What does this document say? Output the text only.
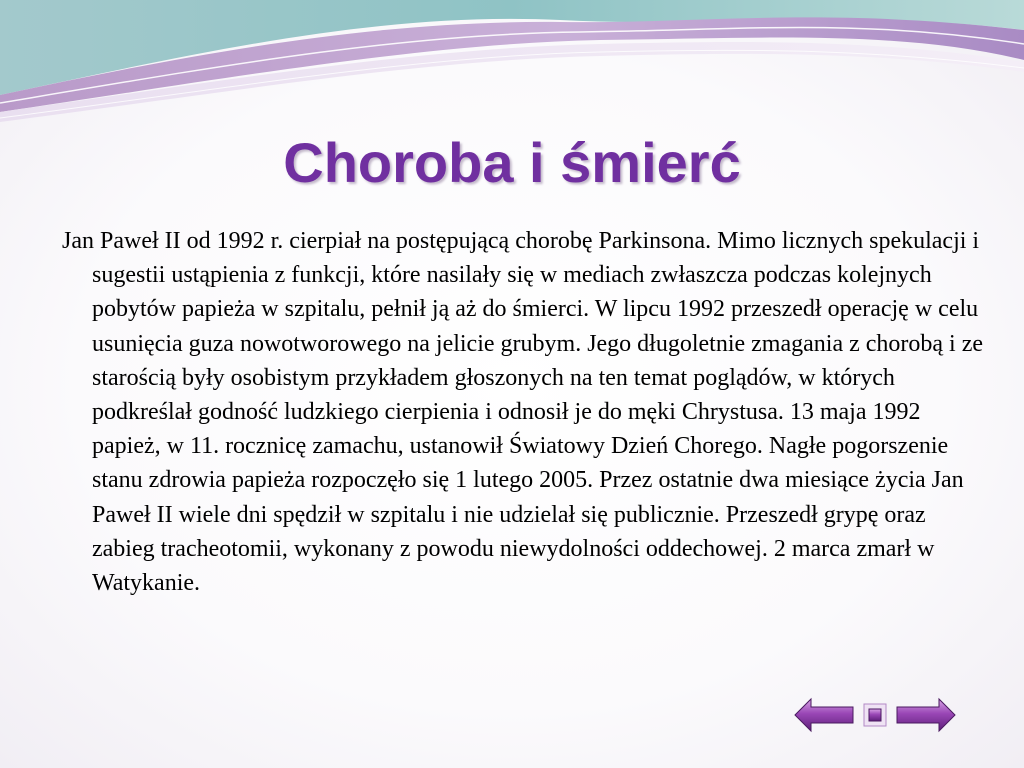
Choroba i śmierć

Jan Paweł II od 1992 r. cierpiał na postępującą chorobę Parkinsona. Mimo licznych spekulacji i sugestii ustąpienia z funkcji, które nasilały się w mediach zwłaszcza podczas kolejnych pobytów papieża w szpitalu, pełnił ją aż do śmierci. W lipcu 1992 przeszedł operację w celu usunięcia guza nowotworowego na jelicie grubym. Jego długoletnie zmagania z chorobą i ze starością były osobistym przykładem głoszonych na ten temat poglądów, w których podkreślał godność ludzkiego cierpienia i odnosił je do męki Chrystusa. 13 maja 1992 papież, w 11. rocznicę zamachu, ustanowił Światowy Dzień Chorego. Nagłe pogorszenie stanu zdrowia papieża rozpoczęło się 1 lutego 2005. Przez ostatnie dwa miesiące życia Jan Paweł II wiele dni spędził w szpitalu i nie udzielał się publicznie. Przeszedł grypę oraz zabieg tracheotomii, wykonany z powodu niewydolności oddechowej. 2 marca zmarł w Watykanie.
